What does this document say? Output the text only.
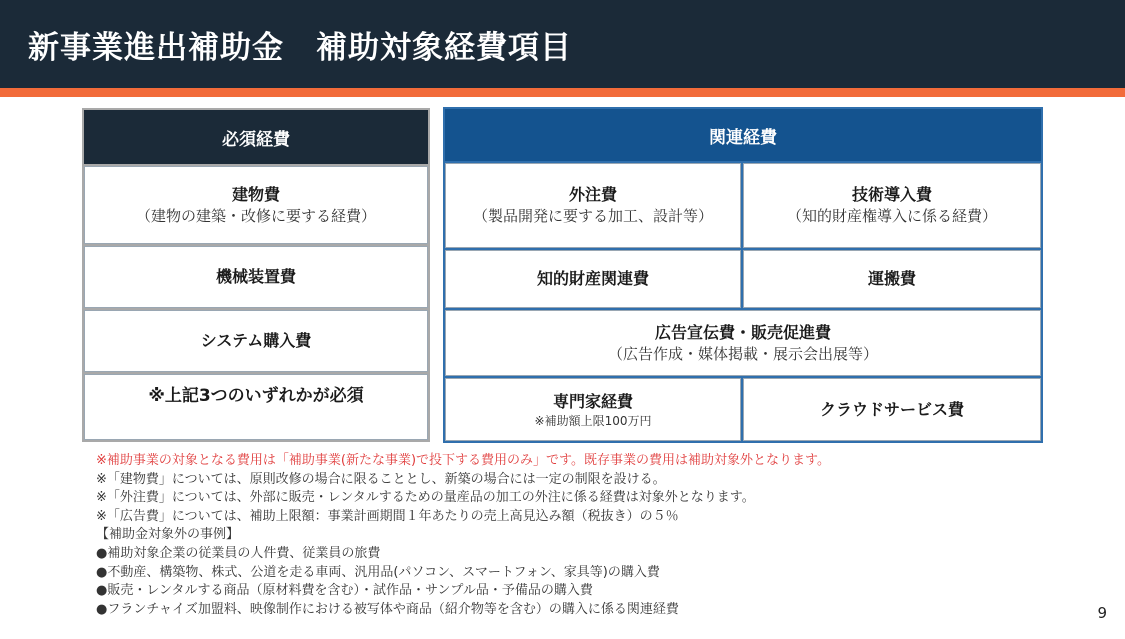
新事業進出補助金　補助対象経費項目
必須経費
建物費
（建物の建築・改修に要する経費）
機械装置費
システム購入費
※上記3つのいずれかが必須
関連経費
外注費
（製品開発に要する加工、設計等）
技術導入費
（知的財産権導入に係る経費）
知的財産関連費	運搬費
広告宣伝費・販売促進費
（広告作成・媒体掲載・展示会出展等）
専門家経費
※補助額上限100万円
クラウドサービス費
※補助事業の対象となる費用は「補助事業(新たな事業)で投下する費用のみ」です。既存事業の費用は補助対象外となります。
※「建物費」については、原則改修の場合に限ることとし、新築の場合には一定の制限を設ける。
※「外注費」については、外部に販売・レンタルするための量産品の加工の外注に係る経費は対象外となります。
※「広告費」については、補助上限額：事業計画期間１年あたりの売上高見込み額（税抜き）の５％
【補助金対象外の事例】
●補助対象企業の従業員の人件費、従業員の旅費
●不動産、構築物、株式、公道を走る車両、汎用品(パソコン、スマートフォン、家具等)の購入費
●販売・レンタルする商品（原材料費を含む）・試作品・サンプル品・予備品の購入費
●フランチャイズ加盟料、映像制作における被写体や商品（紹介物等を含む）の購入に係る関連経費	9
